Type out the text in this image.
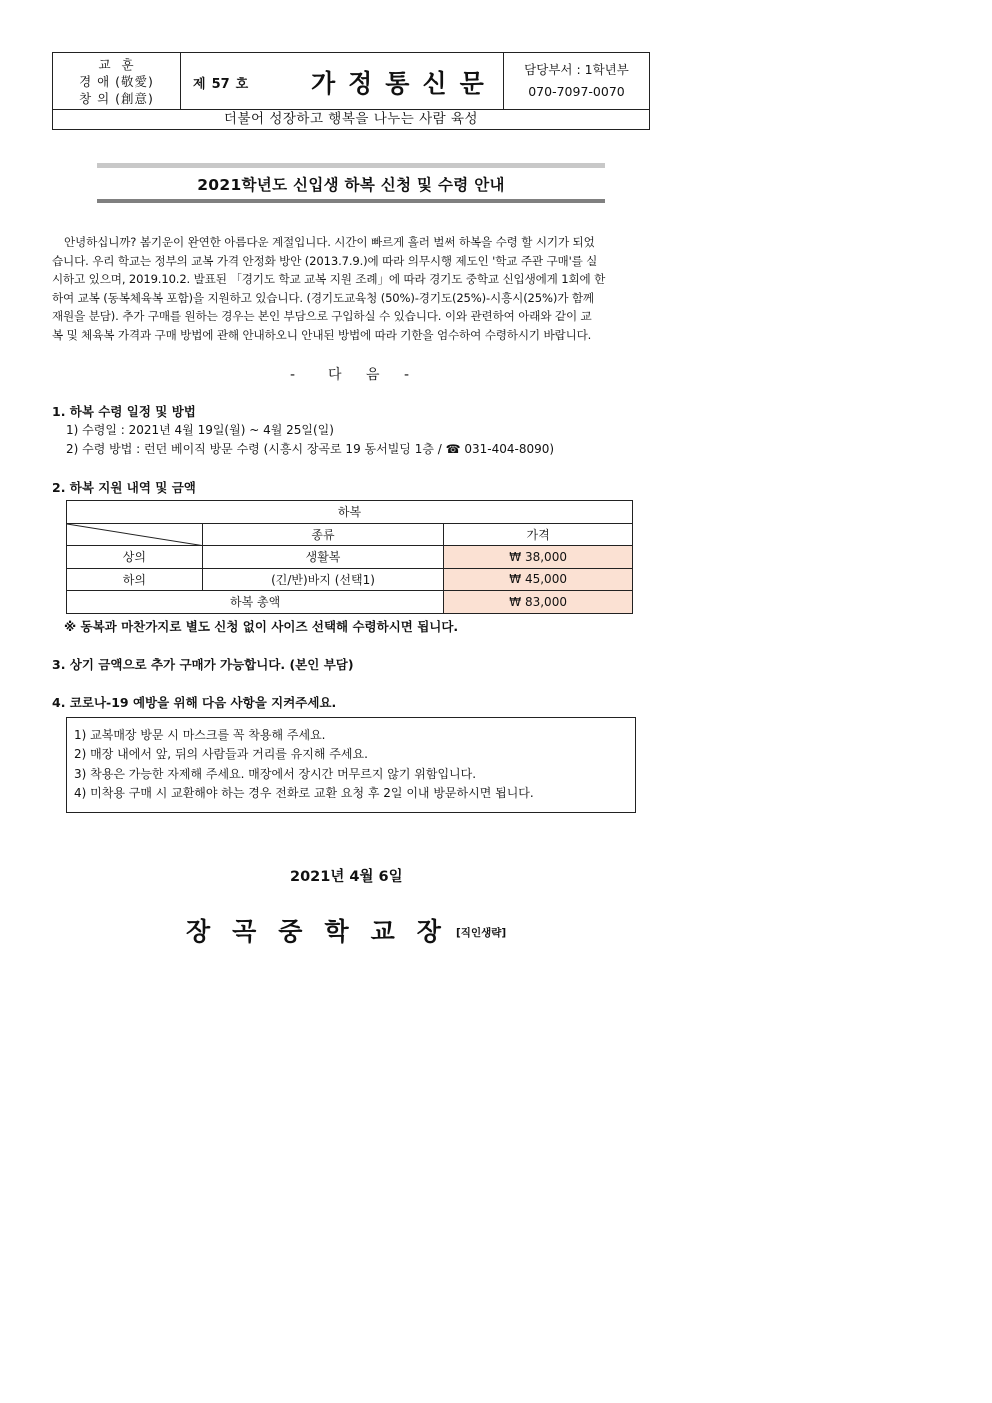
교  훈
경 애 (敬愛)
창 의 (創意)
제 57 호	가정통신문	담당부서 : 1학년부
070-7097-0070
더불어 성장하고 행복을 나누는 사람 육성
2021학년도 신입생 하복 신청 및 수령 안내

안녕하십니까? 봄기운이 완연한 아름다운 계절입니다. 시간이 빠르게 흘러 벌써 하복을 수령 할 시기가 되었

습니다. 우리 학교는 정부의 교복 가격 안정화 방안 (2013.7.9.)에 따라 의무시행 제도인 '학교 주관 구매'를 실

시하고 있으며, 2019.10.2. 발표된 「경기도 학교 교복 지원 조례」에 따라 경기도 중학교 신입생에게 1회에 한

하여 교복 (동복체육복 포함)을 지원하고 있습니다. (경기도교육청 (50%)-경기도(25%)-시흥시(25%)가 함께

재원을 분담). 추가 구매를 원하는 경우는 본인 부담으로 구입하실 수 있습니다. 이와 관련하여 아래와 같이 교

복 및 체육복 가격과 구매 방법에 관해 안내하오니 안내된 방법에 따라 기한을 엄수하여 수령하시기 바랍니다.

- 다 음 -
1. 하복 수령 일정 및 방법
1) 수령일 : 2021년 4월 19일(월) ~ 4월 25일(일)
2) 수령 방법 : 런던 베이직 방문 수령 (시흥시 장곡로 19 동서빌딩 1층 / ☎ 031-404-8090)
2. 하복 지원 내역 및 금액
하복		

	종류	가격
상의	생활복	₩ 38,000
하의	(긴/반)바지 (선택1)	₩ 45,000
하복 총액		₩ 83,000
※ 동복과 마찬가지로 별도 신청 없이 사이즈 선택해 수령하시면 됩니다.
3. 상기 금액으로 추가 구매가 가능합니다. (본인 부담)
4. 코로나-19 예방을 위해 다음 사항을 지켜주세요.
1) 교복매장 방문 시 마스크를 꼭 착용해 주세요.
2) 매장 내에서 앞, 뒤의 사람들과 거리를 유지해 주세요.
3) 착용은 가능한 자제해 주세요. 매장에서 장시간 머무르지 않기 위함입니다.
4) 미착용 구매 시 교환해야 하는 경우 전화로 교환 요청 후 2일 이내 방문하시면 됩니다.
2021년 4월 6일
장곡중학교장
[직인생략]
